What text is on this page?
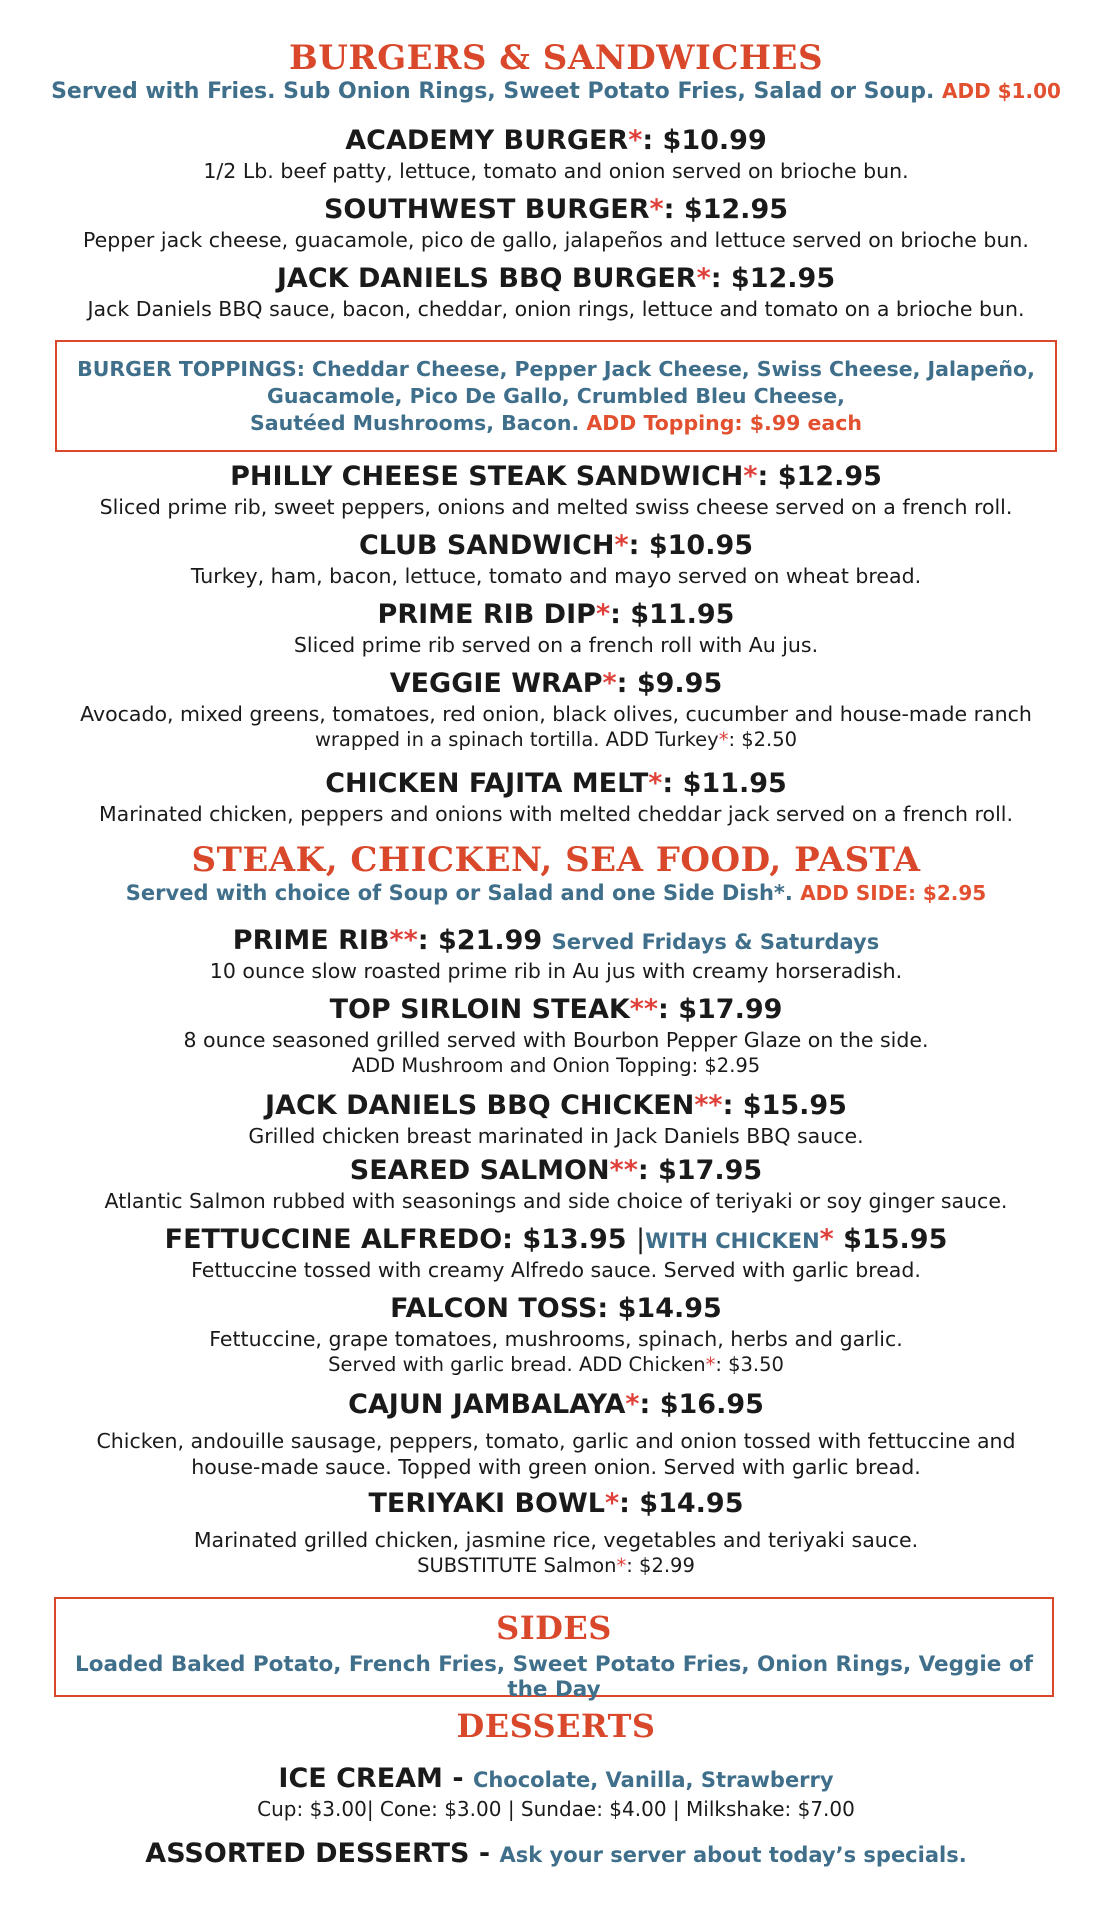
BURGERS & SANDWICHES

Served with Fries. Sub Onion Rings, Sweet Potato Fries, Salad or Soup. ADD $1.00

ACADEMY BURGER*: $10.99

1/2 Lb. beef patty, lettuce, tomato and onion served on brioche bun.

SOUTHWEST BURGER*: $12.95

Pepper jack cheese, guacamole, pico de gallo, jalapeños and lettuce served on brioche bun.

JACK DANIELS BBQ BURGER*: $12.95

Jack Daniels BBQ sauce, bacon, cheddar, onion rings, lettuce and tomato on a brioche bun.

BURGER TOPPINGS: Cheddar Cheese, Pepper Jack Cheese, Swiss Cheese, Jalapeño,

Guacamole, Pico De Gallo, Crumbled Bleu Cheese,

Sautéed Mushrooms, Bacon. ADD Topping: $.99 each

PHILLY CHEESE STEAK SANDWICH*: $12.95

Sliced prime rib, sweet peppers, onions and melted swiss cheese served on a french roll.

CLUB SANDWICH*: $10.95

Turkey, ham, bacon, lettuce, tomato and mayo served on wheat bread.

PRIME RIB DIP*: $11.95

Sliced prime rib served on a french roll with Au jus.

VEGGIE WRAP*: $9.95

Avocado, mixed greens, tomatoes, red onion, black olives, cucumber and house-made ranch

wrapped in a spinach tortilla. ADD Turkey*: $2.50

CHICKEN FAJITA MELT*: $11.95

Marinated chicken, peppers and onions with melted cheddar jack served on a french roll.

STEAK, CHICKEN, SEA FOOD, PASTA

Served with choice of Soup or Salad and one Side Dish*. ADD SIDE: $2.95

PRIME RIB**: $21.99 Served Fridays & Saturdays

10 ounce slow roasted prime rib in Au jus with creamy horseradish.

TOP SIRLOIN STEAK**: $17.99

8 ounce seasoned grilled served with Bourbon Pepper Glaze on the side.

ADD Mushroom and Onion Topping: $2.95

JACK DANIELS BBQ CHICKEN**: $15.95

Grilled chicken breast marinated in Jack Daniels BBQ sauce.

SEARED SALMON**: $17.95

Atlantic Salmon rubbed with seasonings and side choice of teriyaki or soy ginger sauce.

FETTUCCINE ALFREDO: $13.95 |WITH CHICKEN* $15.95

Fettuccine tossed with creamy Alfredo sauce. Served with garlic bread.

FALCON TOSS: $14.95

Fettuccine, grape tomatoes, mushrooms, spinach, herbs and garlic.

Served with garlic bread. ADD Chicken*: $3.50

CAJUN JAMBALAYA*: $16.95

Chicken, andouille sausage, peppers, tomato, garlic and onion tossed with fettuccine and

house-made sauce. Topped with green onion. Served with garlic bread.

TERIYAKI BOWL*: $14.95

Marinated grilled chicken, jasmine rice, vegetables and teriyaki sauce.

SUBSTITUTE Salmon*: $2.99

SIDES

Loaded Baked Potato, French Fries, Sweet Potato Fries, Onion Rings, Veggie of the Day

DESSERTS

ICE CREAM - Chocolate, Vanilla, Strawberry

Cup: $3.00| Cone: $3.00 | Sundae: $4.00 | Milkshake: $7.00

ASSORTED DESSERTS - Ask your server about today’s specials.
